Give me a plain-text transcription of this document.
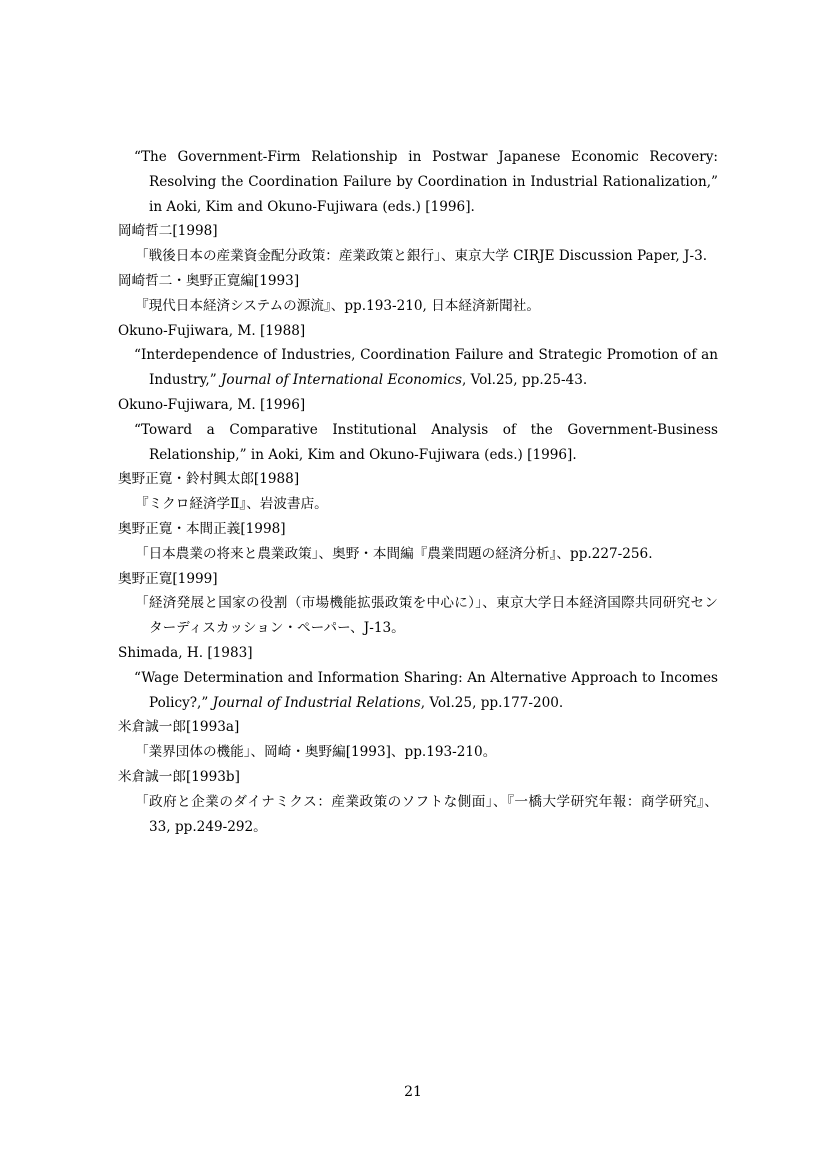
“The Government-Firm Relationship in Postwar Japanese Economic Recovery: Resolving the Coordination Failure by Coordination in Industrial Rationalization,” in Aoki, Kim and Okuno-Fujiwara (eds.) [1996].
岡崎哲二[1998]
「戦後日本の産業資金配分政策：産業政策と銀行」、東京大学 CIRJE Discussion Paper, J-3.
岡崎哲二・奥野正寛編[1993]
『現代日本経済システムの源流』、pp.193-210, 日本経済新聞社。
Okuno-Fujiwara, M. [1988]
“Interdependence of Industries, Coordination Failure and Strategic Promotion of an Industry,” Journal of International Economics, Vol.25, pp.25-43.
Okuno-Fujiwara, M. [1996]
“Toward a Comparative Institutional Analysis of the Government-Business Relationship,” in Aoki, Kim and Okuno-Fujiwara (eds.) [1996].
奥野正寛・鈴村興太郎[1988]
『ミクロ経済学Ⅱ』、岩波書店。
奥野正寛・本間正義[1998]
「日本農業の将来と農業政策」、奥野・本間編『農業問題の経済分析』、pp.227-256.
奥野正寛[1999]
「経済発展と国家の役割（市場機能拡張政策を中心に）」、東京大学日本経済国際共同研究センターディスカッション・ペーパー、J-13。
Shimada, H. [1983]
“Wage Determination and Information Sharing: An Alternative Approach to Incomes Policy?,” Journal of Industrial Relations, Vol.25, pp.177-200.
米倉誠一郎[1993a]
「業界団体の機能」、岡崎・奥野編[1993]、pp.193-210。
米倉誠一郎[1993b]
「政府と企業のダイナミクス：産業政策のソフトな側面」、『一橋大学研究年報：商学研究』、33, pp.249-292。
21
